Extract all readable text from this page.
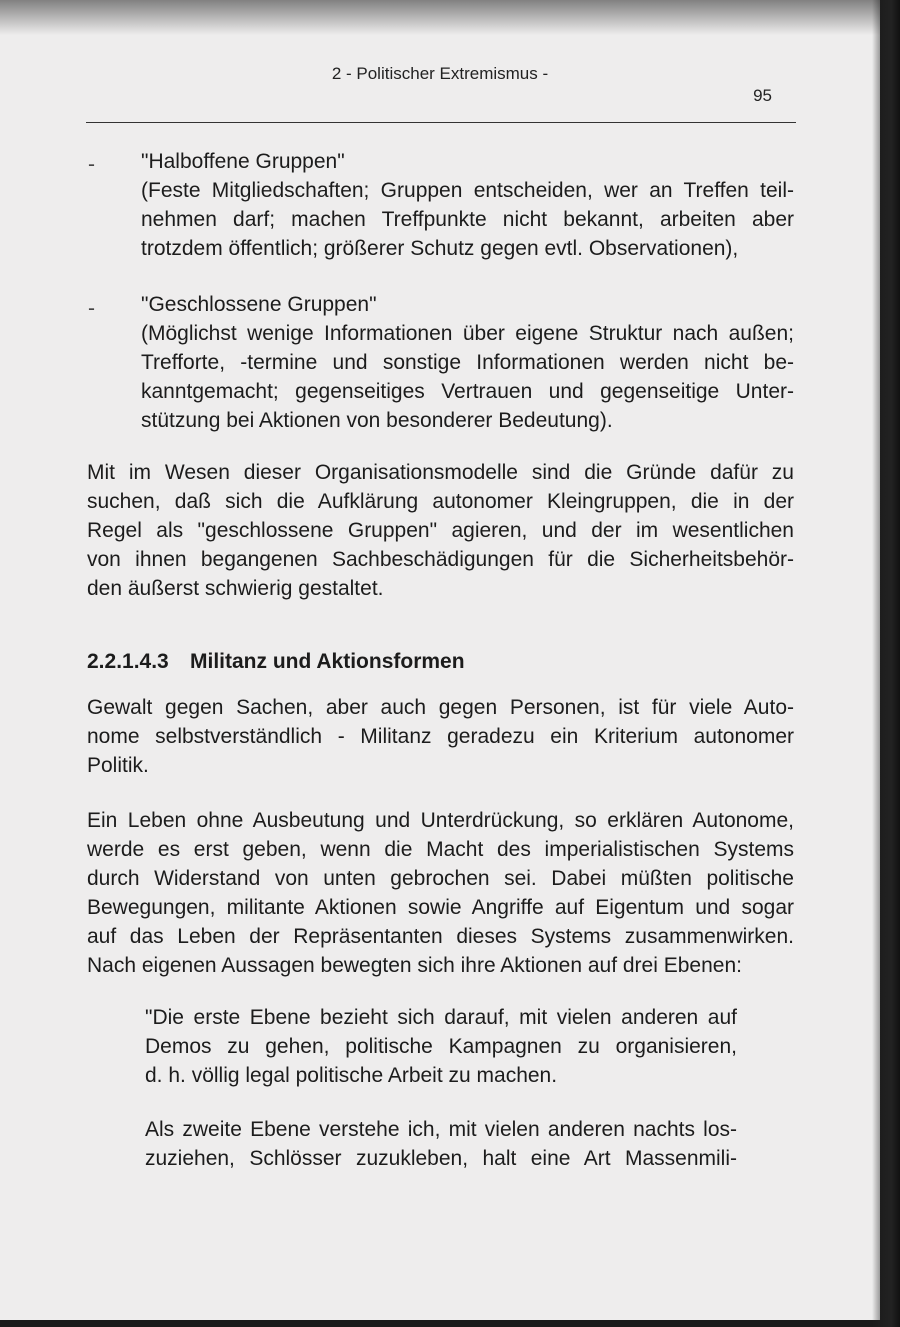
2 - Politischer Extremismus -
95
- "Halboffene Gruppen"
(Feste Mitgliedschaften; Gruppen entscheiden, wer an Treffen teil-
nehmen darf; machen Treffpunkte nicht bekannt, arbeiten aber
trotzdem öffentlich; größerer Schutz gegen evtl. Observationen),
- "Geschlossene Gruppen"
(Möglichst wenige Informationen über eigene Struktur nach außen;
Trefforte, -termine und sonstige Informationen werden nicht be-
kanntgemacht; gegenseitiges Vertrauen und gegenseitige Unter-
stützung bei Aktionen von besonderer Bedeutung).
Mit im Wesen dieser Organisationsmodelle sind die Gründe dafür zu
suchen, daß sich die Aufklärung autonomer Kleingruppen, die in der
Regel als "geschlossene Gruppen" agieren, und der im wesentlichen
von ihnen begangenen Sachbeschädigungen für die Sicherheitsbehör-
den äußerst schwierig gestaltet.
2.2.1.4.3 Militanz und Aktionsformen
Gewalt gegen Sachen, aber auch gegen Personen, ist für viele Auto-
nome selbstverständlich - Militanz geradezu ein Kriterium autonomer
Politik.
Ein Leben ohne Ausbeutung und Unterdrückung, so erklären Autonome,
werde es erst geben, wenn die Macht des imperialistischen Systems
durch Widerstand von unten gebrochen sei. Dabei müßten politische
Bewegungen, militante Aktionen sowie Angriffe auf Eigentum und sogar
auf das Leben der Repräsentanten dieses Systems zusammenwirken.
Nach eigenen Aussagen bewegten sich ihre Aktionen auf drei Ebenen:
"Die erste Ebene bezieht sich darauf, mit vielen anderen auf
Demos zu gehen, politische Kampagnen zu organisieren,
d. h. völlig legal politische Arbeit zu machen.
Als zweite Ebene verstehe ich, mit vielen anderen nachts los-
zuziehen, Schlösser zuzukleben, halt eine Art Massenmili-
